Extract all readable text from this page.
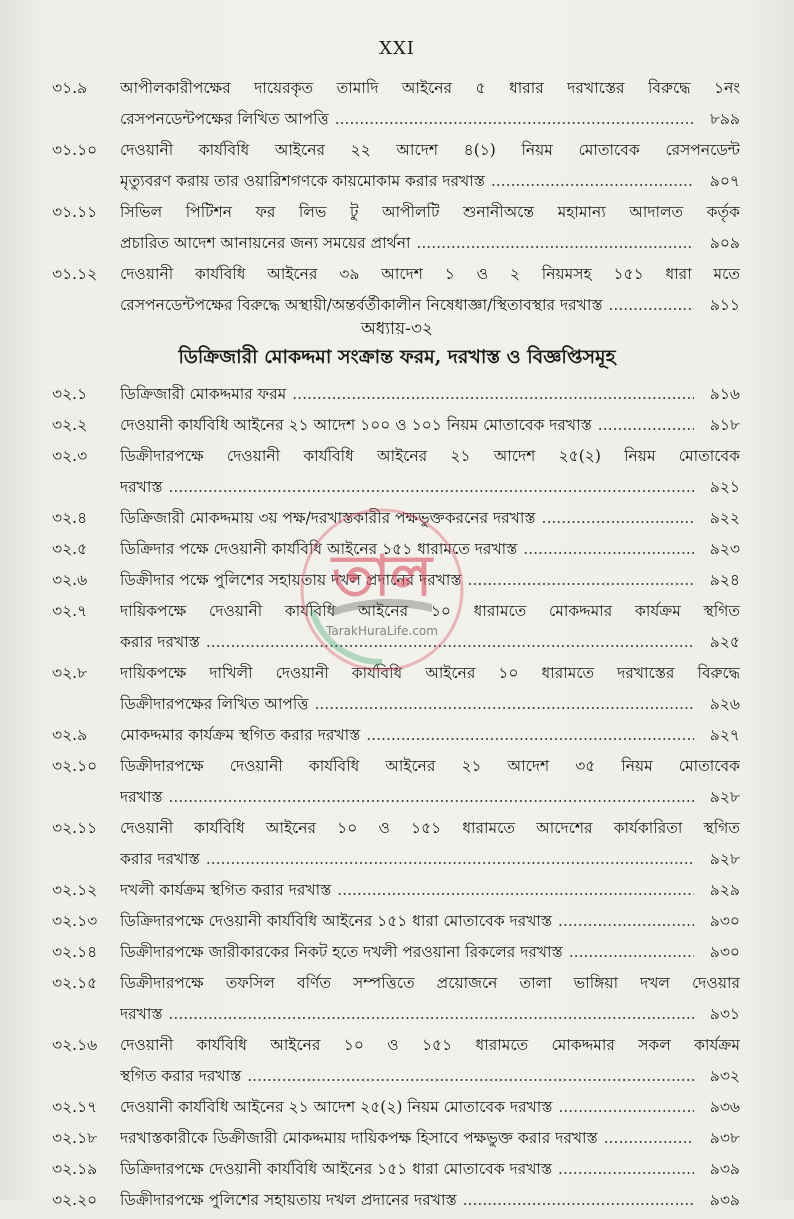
XXI
অধ্যায়-৩২
ডিক্রিজারী মোকদ্দমা সংক্রান্ত ফরম, দরখাস্ত ও বিজ্ঞপ্তিসমূহ
৩১.৯	আপীলকারীপক্ষের দায়েরকৃত তামাদি আইনের ৫ ধারার দরখাস্তের বিরুদ্ধে ১নং
রেসপনডেন্টপক্ষের লিখিত আপত্তি .....	৮৯৯
৩১.১০	দেওয়ানী কার্যবিধি আইনের ২২ আদেশ ৪(১) নিয়ম মোতাবেক রেসপনডেন্ট
মৃত্যুবরণ করায় তার ওয়ারিশগণকে কায়মোকাম করার দরখাস্ত .....	৯০৭
৩১.১১	সিভিল পিটিশন ফর লিভ টু আপীলটি শুনানীঅন্তে মহামান্য আদালত কর্তৃক
প্রচারিত আদেশ আনায়নের জন্য সময়ের প্রার্থনা .....	৯০৯
৩১.১২	দেওয়ানী কার্যবিধি আইনের ৩৯ আদেশ ১ ও ২ নিয়মসহ ১৫১ ধারা মতে
রেসপনডেন্টপক্ষের বিরুদ্ধে অস্থায়ী/অন্তর্বর্তীকালীন নিষেধাজ্ঞা/স্থিতাবস্থার দরখাস্ত .....	৯১১
৩২.১	ডিক্রিজারী মোকদ্দমার ফরম .....	৯১৬
৩২.২	দেওয়ানী কার্যবিধি আইনের ২১ আদেশ ১০০ ও ১০১ নিয়ম মোতাবেক দরখাস্ত .....	৯১৮
৩২.৩	ডিক্রীদারপক্ষে দেওয়ানী কার্যবিধি আইনের ২১ আদেশ ২৫(২) নিয়ম মোতাবেক
দরখাস্ত .....	৯২১
৩২.৪	ডিক্রিজারী মোকদ্দমায় ৩য় পক্ষ/দরখাস্তকারীর পক্ষভুক্তকরনের দরখাস্ত .....	৯২২
৩২.৫	ডিক্রিদার পক্ষে দেওয়ানী কার্যবিধি আইনের ১৫১ ধারামতে দরখাস্ত .....	৯২৩
৩২.৬	ডিক্রীদার পক্ষে পুলিশের সহায়তায় দখল প্রদানের দরখাস্ত .....	৯২৪
৩২.৭	দায়িকপক্ষে দেওয়ানী কার্যবিধি আইনের ১০ ধারামতে মোকদ্দমার কার্যক্রম স্থগিত
করার দরখাস্ত .....	৯২৫
৩২.৮	দায়িকপক্ষে দাখিলী দেওয়ানী কার্যবিধি আইনের ১০ ধারামতে দরখাস্তের বিরুদ্ধে
ডিক্রীদারপক্ষের লিখিত আপত্তি .....	৯২৬
৩২.৯	মোকদ্দমার কার্যক্রম স্থগিত করার দরখাস্ত .....	৯২৭
৩২.১০	ডিক্রীদারপক্ষে দেওয়ানী কার্যবিধি আইনের ২১ আদেশ ৩৫ নিয়ম মোতাবেক
দরখাস্ত .....	৯২৮
৩২.১১	দেওয়ানী কার্যবিধি আইনের ১০ ও ১৫১ ধারামতে আদেশের কার্যকারিতা স্থগিত
করার দরখাস্ত .....	৯২৮
৩২.১২	দখলী কার্যক্রম স্থগিত করার দরখাস্ত .....	৯২৯
৩২.১৩	ডিক্রিদারপক্ষে দেওয়ানী কার্যবিধি আইনের ১৫১ ধারা মোতাবেক দরখাস্ত .....	৯৩০
৩২.১৪	ডিক্রীদারপক্ষে জারীকারকের নিকট হতে দখলী পরওয়ানা রিকলের দরখাস্ত .....	৯৩০
৩২.১৫	ডিক্রীদারপক্ষে তফসিল বর্ণিত সম্পত্তিতে প্রয়োজনে তালা ভাঙ্গিয়া দখল দেওয়ার
দরখাস্ত .....	৯৩১
৩২.১৬	দেওয়ানী কার্যবিধি আইনের ১০ ও ১৫১ ধারামতে মোকদ্দমার সকল কার্যক্রম
স্থগিত করার দরখাস্ত .....	৯৩২
৩২.১৭	দেওয়ানী কার্যবিধি আইনের ২১ আদেশ ২৫(২) নিয়ম মোতাবেক দরখাস্ত .....	৯৩৬
৩২.১৮	দরখাস্তকারীকে ডিক্রীজারী মোকদ্দমায় দায়িকপক্ষ হিসাবে পক্ষভুক্ত করার দরখাস্ত .....	৯৩৮
৩২.১৯	ডিক্রিদারপক্ষে দেওয়ানী কার্যবিধি আইনের ১৫১ ধারা মোতাবেক দরখাস্ত .....	৯৩৯
৩২.২০	ডিক্রীদারপক্ষে পুলিশের সহায়তায় দখল প্রদানের দরখাস্ত .....	৯৩৯
তাল
TarakHuraLife.com
